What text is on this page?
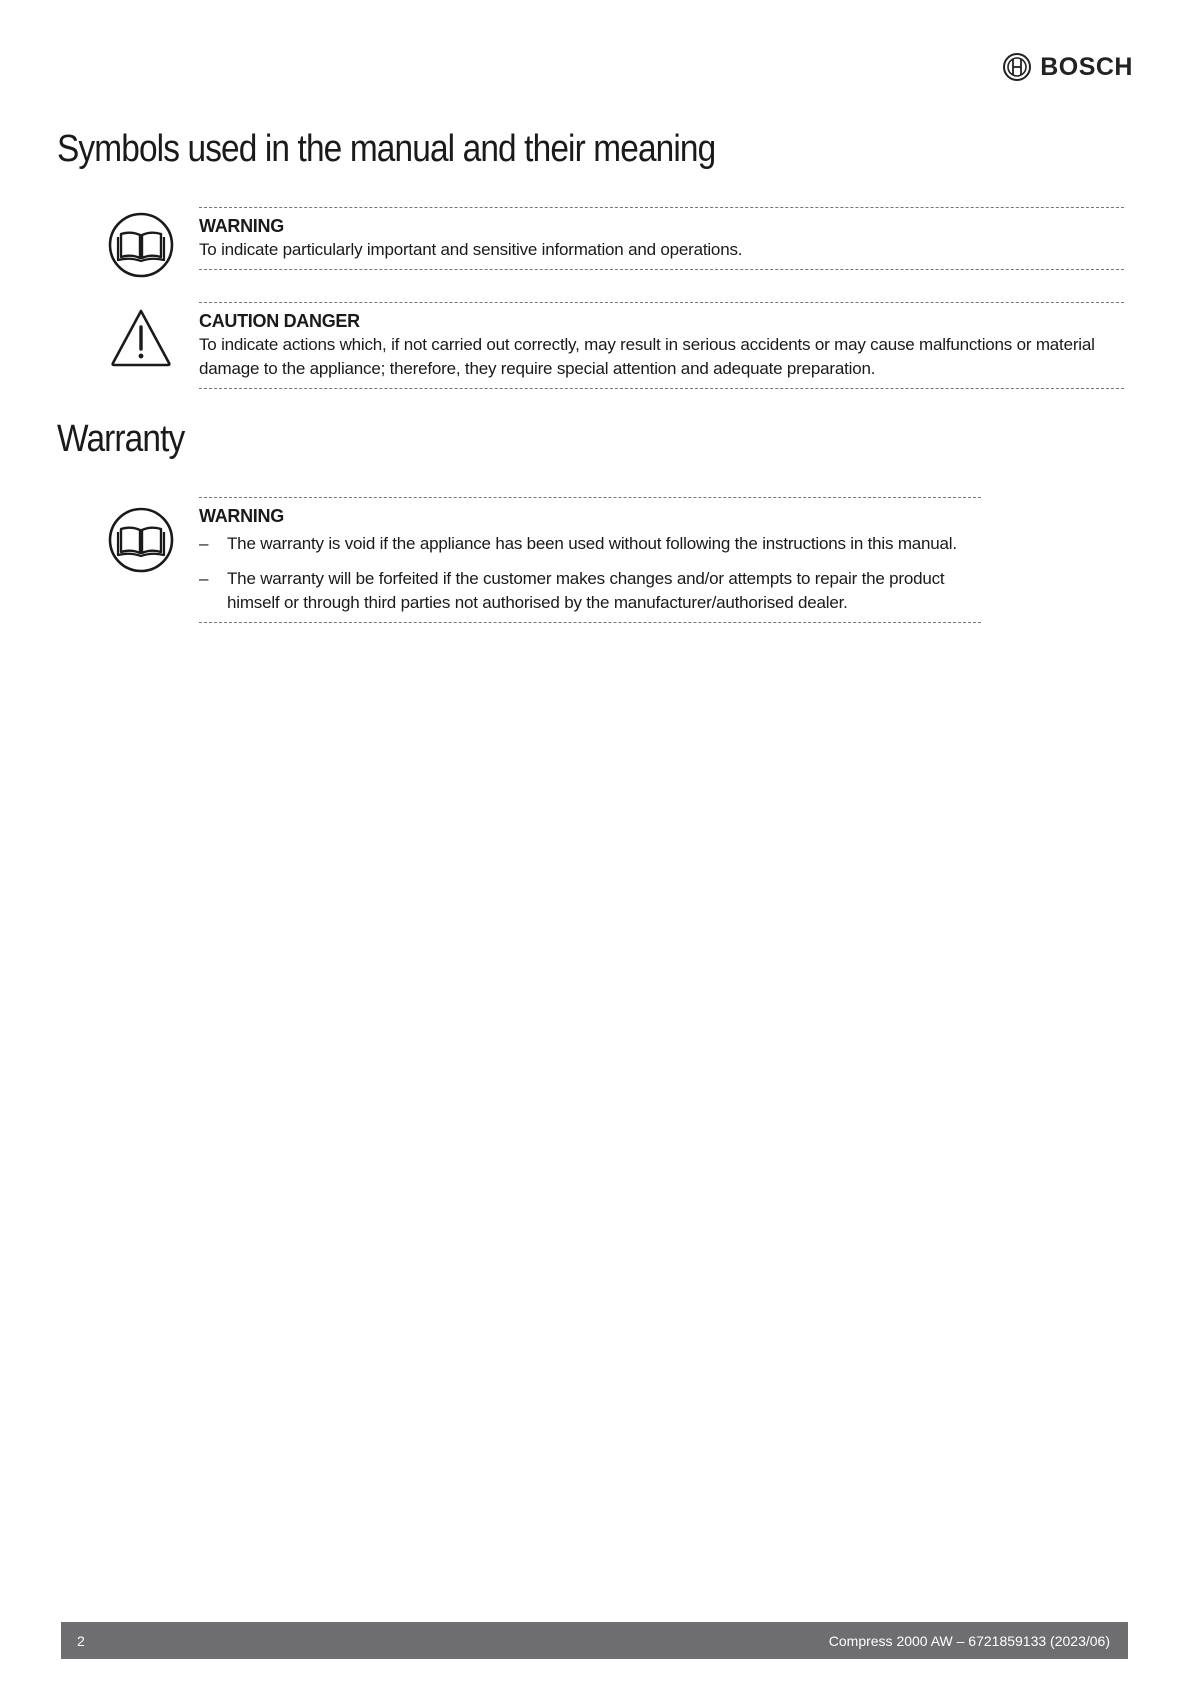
BOSCH
Symbols used in the manual and their meaning
WARNING
To indicate particularly important and sensitive information and operations.
CAUTION DANGER
To indicate actions which, if not carried out correctly, may result in serious accidents or may cause malfunctions or material damage to the appliance; therefore, they require special attention and adequate preparation.
Warranty
WARNING
– The warranty is void if the appliance has been used without following the instructions in this manual.
– The warranty will be forfeited if the customer makes changes and/or attempts to repair the product himself or through third parties not authorised by the manufacturer/authorised dealer.
2	Compress 2000 AW – 6721859133 (2023/06)
